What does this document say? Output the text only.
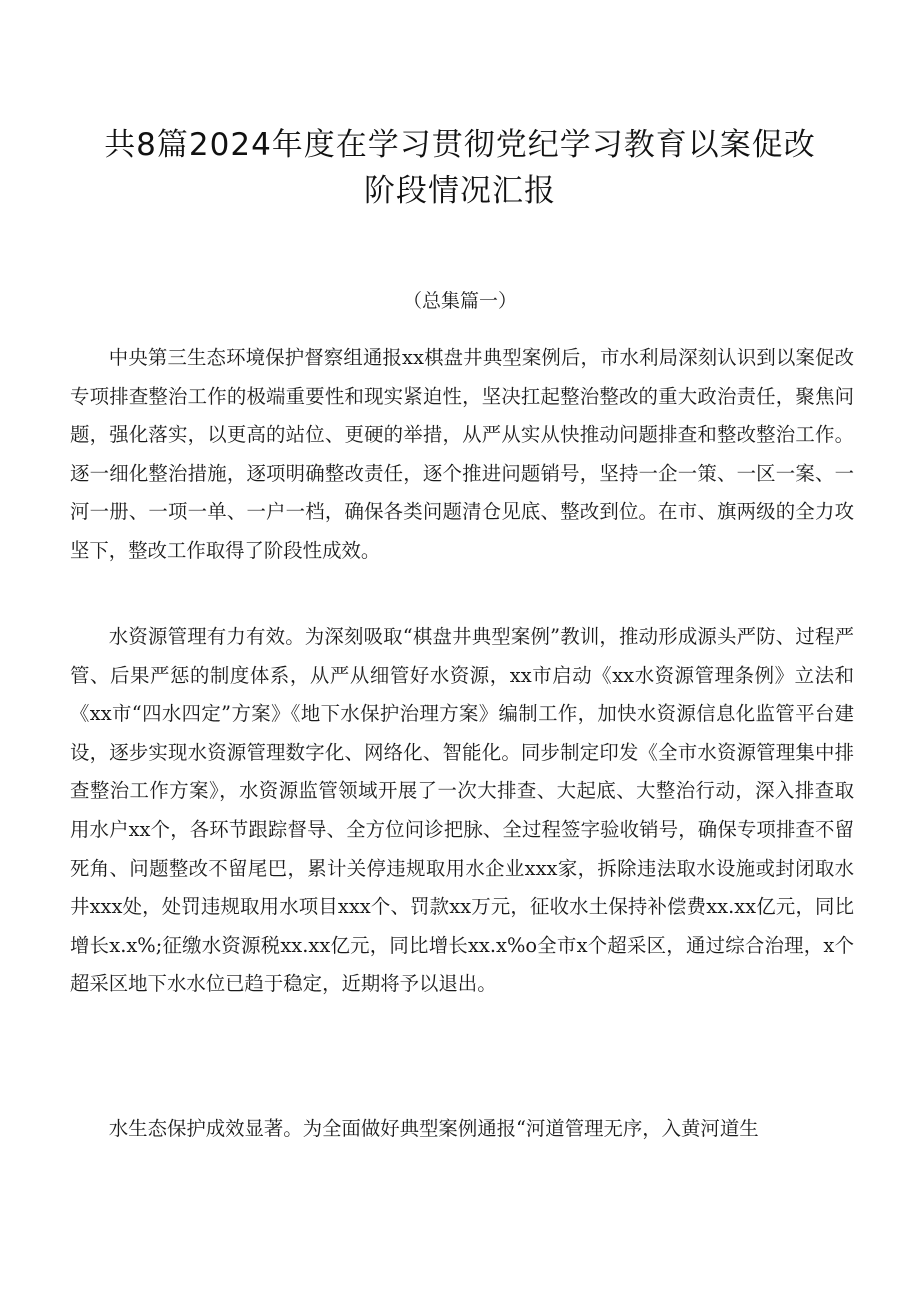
共8篇2024年度在学习贯彻党纪学习教育以案促改
阶段情况汇报
（总集篇一）

中央第三生态环境保护督察组通报xx棋盘井典型案例后，市水利局深刻认识到以案促改专项排查整治工作的极端重要性和现实紧迫性，坚决扛起整治整改的重大政治责任，聚焦问题，强化落实，以更高的站位、更硬的举措，从严从实从快推动问题排查和整改整治工作。逐一细化整治措施，逐项明确整改责任，逐个推进问题销号，坚持一企一策、一区一案、一河一册、一项一单、一户一档，确保各类问题清仓见底、整改到位。在市、旗两级的全力攻坚下，整改工作取得了阶段性成效。

水资源管理有力有效。为深刻吸取“棋盘井典型案例”教训，推动形成源头严防、过程严管、后果严惩的制度体系，从严从细管好水资源，xx市启动《xx水资源管理条例》立法和《xx市“四水四定”方案》《地下水保护治理方案》编制工作，加快水资源信息化监管平台建设，逐步实现水资源管理数字化、网络化、智能化。同步制定印发《全市水资源管理集中排查整治工作方案》，水资源监管领域开展了一次大排查、大起底、大整治行动，深入排查取用水户xx个，各环节跟踪督导、全方位问诊把脉、全过程签字验收销号，确保专项排查不留死角、问题整改不留尾巴，累计关停违规取用水企业xxx家，拆除违法取水设施或封闭取水井xxx处，处罚违规取用水项目xxx个、罚款xx万元，征收水土保持补偿费xx.xx亿元，同比增长x.x%;征缴水资源税xx.xx亿元，同比增长xx.x%o全市x个超采区，通过综合治理，x个超采区地下水水位已趋于稳定，近期将予以退出。

水生态保护成效显著。为全面做好典型案例通报“河道管理无序，入黄河道生
